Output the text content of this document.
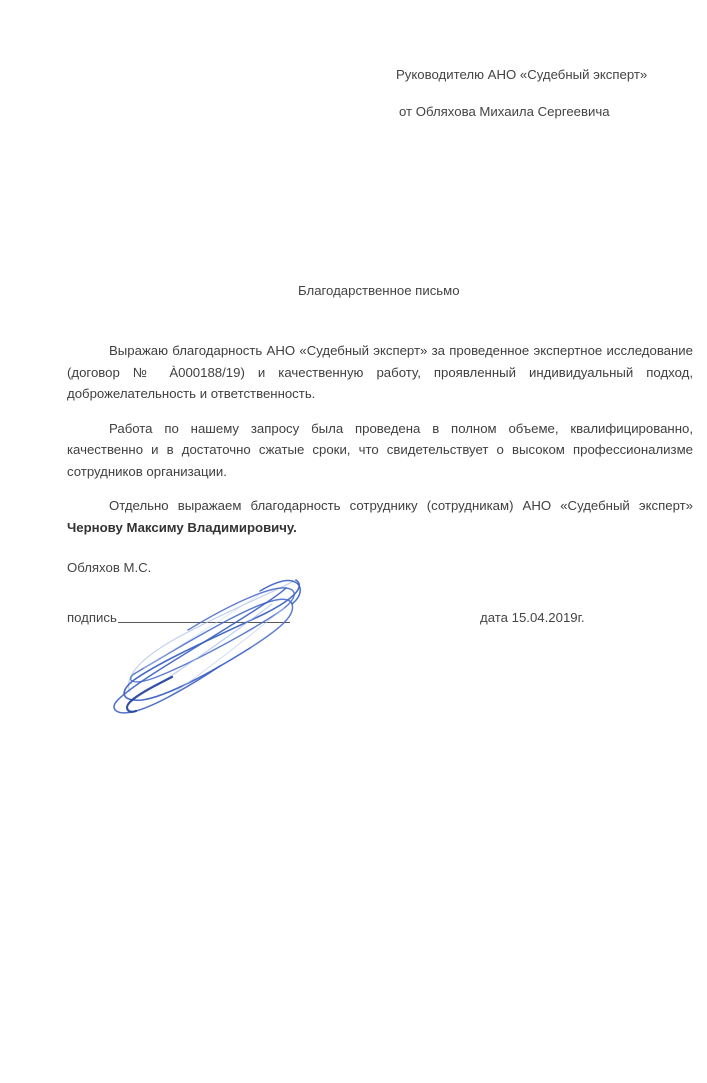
Руководителю АНО «Судебный эксперт»
от Обляхова Михаила Сергеевича
Благодарственное письмо

Выражаю благодарность АНО «Судебный эксперт» за проведенное экспертное исследование (договор № À000188/19) и качественную работу, проявленный индивидуальный подход, доброжелательность и ответственность.

Работа по нашему запросу была проведена в полном объеме, квалифицированно, качественно и в достаточно сжатые сроки, что свидетельствует о высоком профессионализме сотрудников организации.

Отдельно выражаем благодарность сотруднику (сотрудникам) АНО «Судебный эксперт» Чернову Максиму Владимировичу.

Обляхов М.С.
подпись	дата 15.04.2019г.
